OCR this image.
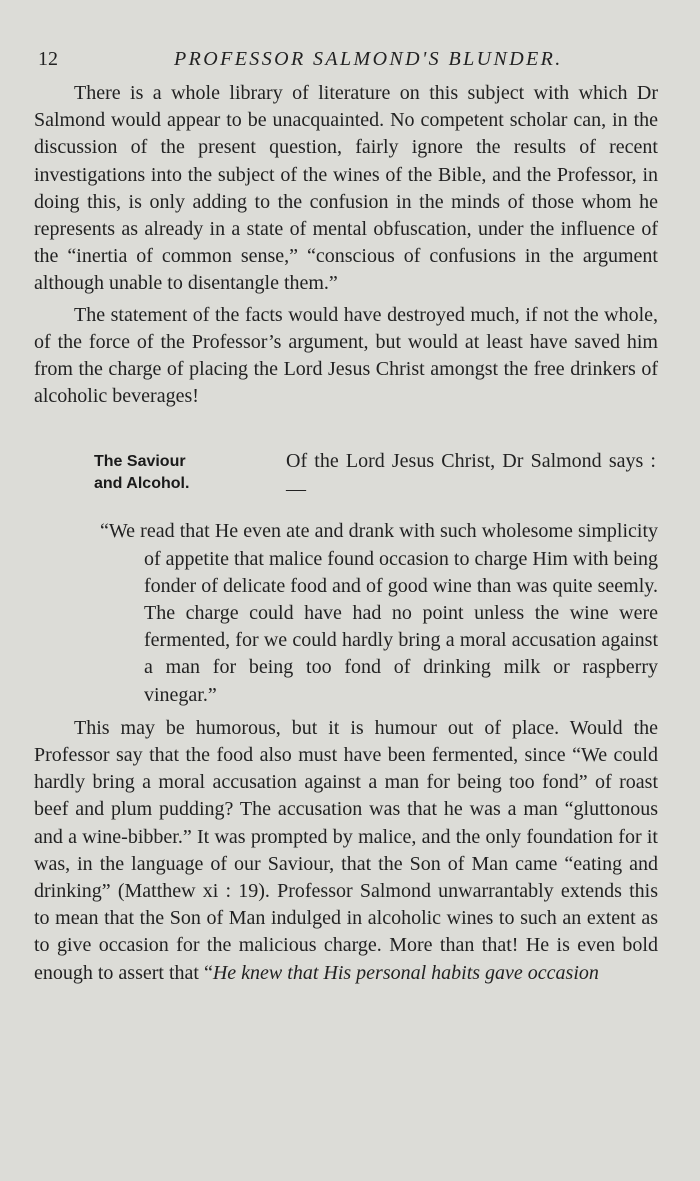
12	PROFESSOR SALMOND'S BLUNDER.

There is a whole library of literature on this subject with which Dr Salmond would appear to be unacquainted. No competent scholar can, in the discussion of the present question, fairly ignore the results of recent investigations into the subject of the wines of the Bible, and the Professor, in doing this, is only adding to the confusion in the minds of those whom he represents as already in a state of mental obfuscation, under the influence of the “inertia of common sense,” “conscious of confusions in the argument although unable to disentangle them.”

The statement of the facts would have destroyed much, if not the whole, of the force of the Professor’s argument, but would at least have saved him from the charge of placing the Lord Jesus Christ amongst the free drinkers of alcoholic beverages!

The Saviour
and Alcohol.
Of the Lord Jesus Christ, Dr Salmond says : —

“We read that He even ate and drank with such wholesome simplicity of appetite that malice found occasion to charge Him with being fonder of delicate food and of good wine than was quite seemly. The charge could have had no point unless the wine were fermented, for we could hardly bring a moral accusation against a man for being too fond of drinking milk or raspberry vinegar.”

This may be humorous, but it is humour out of place. Would the Professor say that the food also must have been fermented, since “We could hardly bring a moral accusation against a man for being too fond” of roast beef and plum pudding? The accusation was that he was a man “gluttonous and a wine-bibber.” It was prompted by malice, and the only foundation for it was, in the language of our Saviour, that the Son of Man came “eating and drinking” (Matthew xi : 19). Professor Salmond unwarrantably extends this to mean that the Son of Man indulged in alcoholic wines to such an extent as to give occasion for the malicious charge. More than that! He is even bold enough to assert that “He knew that His personal habits gave occasion
